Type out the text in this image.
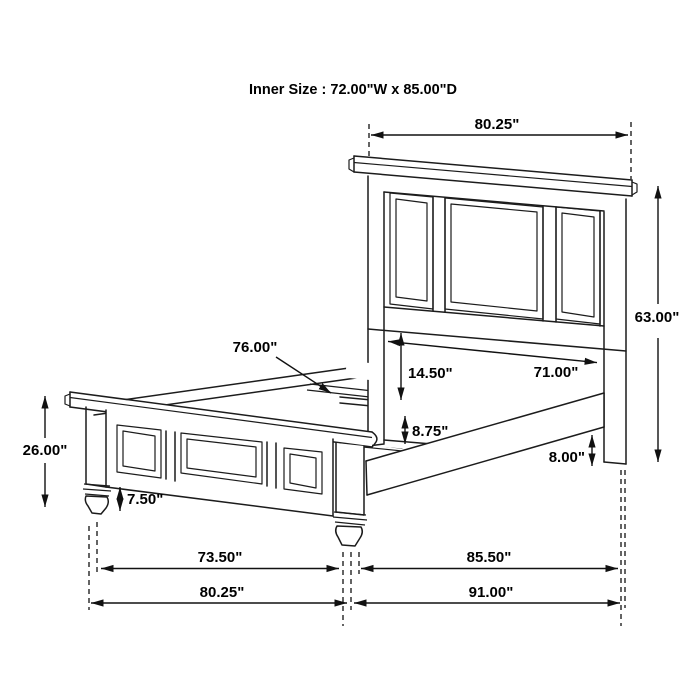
Inner Size : 72.00"W x 85.00"D
80.25"
63.00"
76.00"
71.00"
14.50"
8.75"
8.00"
26.00"
7.50"
73.50"	85.50"
80.25"	91.00"
